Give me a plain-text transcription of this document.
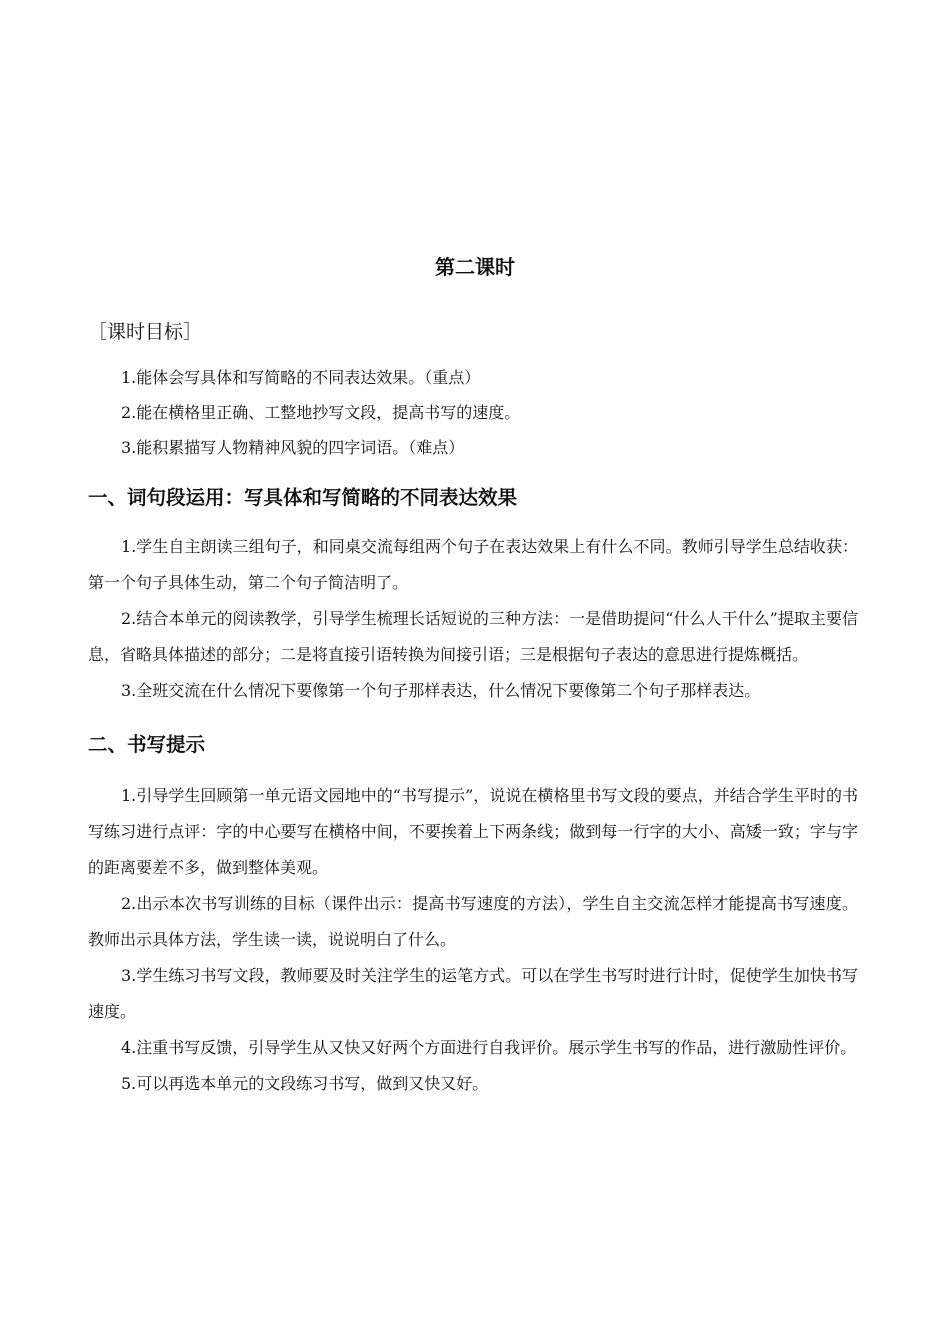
第二课时

［课时目标］

1.能体会写具体和写简略的不同表达效果。（重点）

2.能在横格里正确、工整地抄写文段，提高书写的速度。

3.能积累描写人物精神风貌的四字词语。（难点）

一、词句段运用：写具体和写简略的不同表达效果

1.学生自主朗读三组句子，和同桌交流每组两个句子在表达效果上有什么不同。教师引导学生总结收获：第一个句子具体生动，第二个句子简洁明了。

2.结合本单元的阅读教学，引导学生梳理长话短说的三种方法：一是借助提问“什么人干什么”提取主要信息，省略具体描述的部分；二是将直接引语转换为间接引语；三是根据句子表达的意思进行提炼概括。

3.全班交流在什么情况下要像第一个句子那样表达，什么情况下要像第二个句子那样表达。

二、书写提示

1.引导学生回顾第一单元语文园地中的“书写提示”，说说在横格里书写文段的要点，并结合学生平时的书写练习进行点评：字的中心要写在横格中间，不要挨着上下两条线；做到每一行字的大小、高矮一致；字与字的距离要差不多，做到整体美观。

2.出示本次书写训练的目标（课件出示：提高书写速度的方法），学生自主交流怎样才能提高书写速度。教师出示具体方法，学生读一读，说说明白了什么。

3.学生练习书写文段，教师要及时关注学生的运笔方式。可以在学生书写时进行计时，促使学生加快书写速度。

4.注重书写反馈，引导学生从又快又好两个方面进行自我评价。展示学生书写的作品，进行激励性评价。

5.可以再选本单元的文段练习书写，做到又快又好。
